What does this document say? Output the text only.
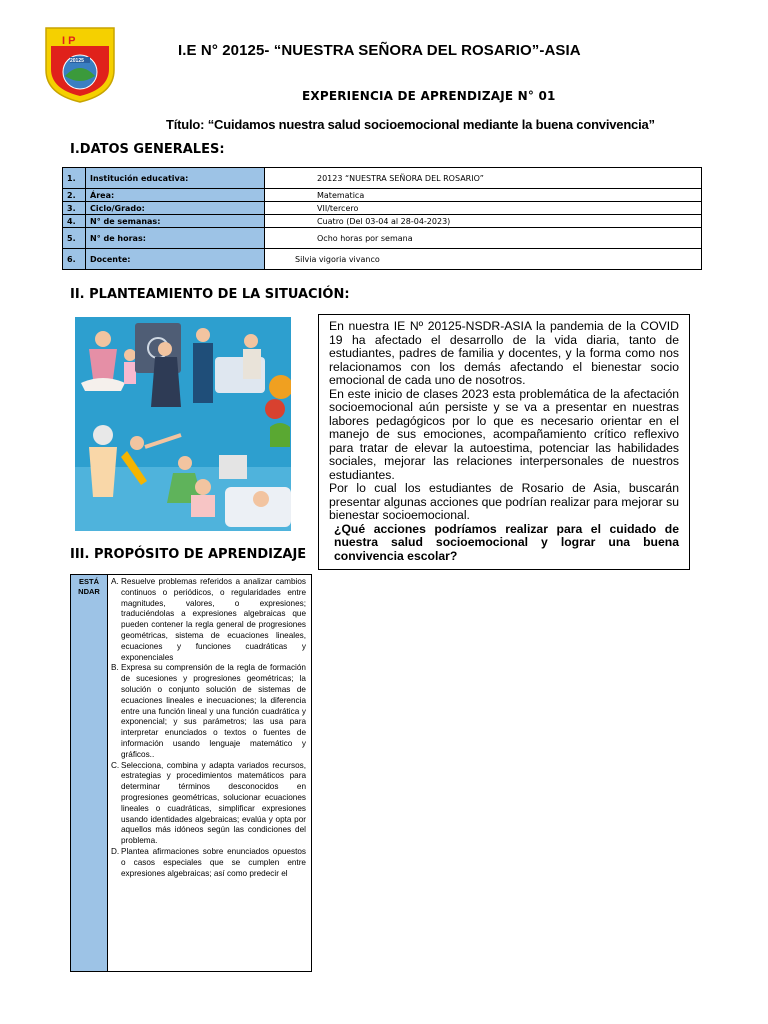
I P
20125
I.E N° 20125- “NUESTRA SEÑORA DEL ROSARIO”-ASIA
EXPERIENCIA DE APRENDIZAJE N° 01
Título: “Cuidamos nuestra salud socioemocional mediante la buena convivencia”
I.DATOS GENERALES:
1.	Institución educativa:	20123 “NUESTRA SEÑORA DEL ROSARIO”
2.	Área:	Matematica
3.	Ciclo/Grado:	VII/tercero
4.	N° de semanas:	Cuatro (Del 03-04 al 28-04-2023)
5.	N° de horas:	Ocho horas por semana
6.	Docente:	Silvia vigoria vivanco
II. PLANTEAMIENTO DE LA SITUACIÓN:

En nuestra IE Nº 20125-NSDR-ASIA la pandemia de la COVID 19 ha afectado el desarrollo de la vida diaria, tanto de estudiantes, padres de familia y docentes, y la forma como nos relacionamos con los demás afectando el bienestar socio emocional de cada uno de nosotros.

En este inicio de clases 2023 esta problemática de la afectación socioemocional aún persiste y se va a presentar en nuestras labores pedagógicos por lo que es necesario orientar en el manejo de sus emociones, acompañamiento crítico reflexivo para tratar de elevar la autoestima, potenciar las habilidades sociales, mejorar las relaciones interpersonales de nuestros estudiantes.

Por lo cual los estudiantes de Rosario de Asia, buscarán presentar algunas acciones que podrían realizar para mejorar su bienestar socioemocional.

¿Qué acciones podríamos realizar para el cuidado de nuestra salud socioemocional y lograr una buena convivencia escolar?

III. PROPÓSITO DE APRENDIZAJE
ESTÁNDAR
A. Resuelve problemas referidos a analizar cambios continuos o periódicos, o regularidades entre magnitudes, valores, o expresiones; traduciéndolas a expresiones algebraicas que pueden contener la regla general de progresiones geométricas, sistema de ecuaciones lineales, ecuaciones y funciones cuadráticas y exponenciales
B. Expresa su comprensión de la regla de formación de sucesiones y progresiones geométricas; la solución o conjunto solución de sistemas de ecuaciones lineales e inecuaciones; la diferencia entre una función lineal y una función cuadrática y exponencial; y sus parámetros; las usa para interpretar enunciados o textos o fuentes de información usando lenguaje matemático y gráficos..
C. Selecciona, combina y adapta variados recursos, estrategias y procedimientos matemáticos para determinar términos desconocidos en progresiones geométricas, solucionar ecuaciones lineales o cuadráticas, simplificar expresiones usando identidades algebraicas; evalúa y opta por aquellos más idóneos según las condiciones del problema.
D. Plantea afirmaciones sobre enunciados opuestos o casos especiales que se cumplen entre expresiones algebraicas; así como predecir el
